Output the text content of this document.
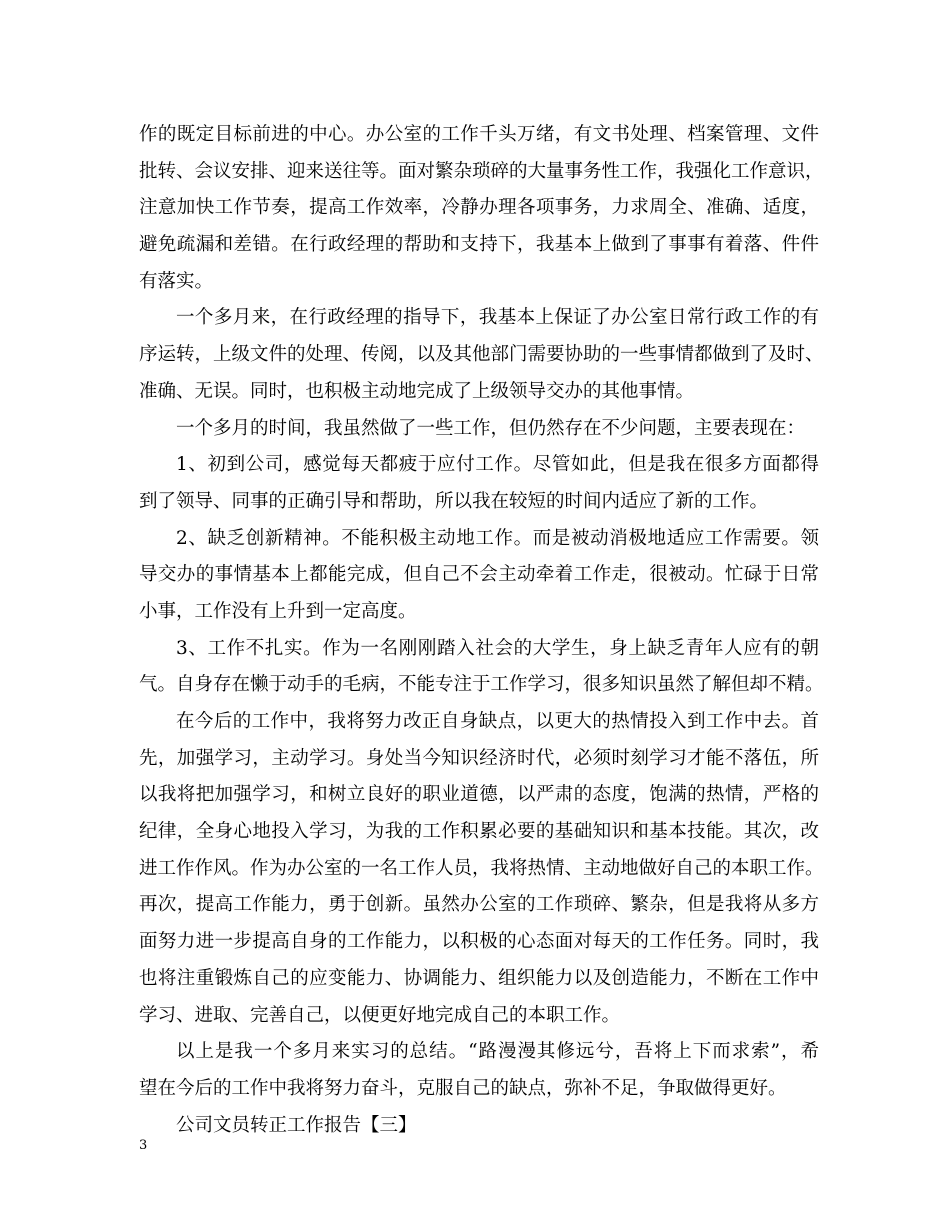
作的既定目标前进的中心。办公室的工作千头万绪，有文书处理、档案管理、文件
批转、会议安排、迎来送往等。面对繁杂琐碎的大量事务性工作，我强化工作意识，
注意加快工作节奏，提高工作效率，冷静办理各项事务，力求周全、准确、适度，
避免疏漏和差错。在行政经理的帮助和支持下，我基本上做到了事事有着落、件件
有落实。
一个多月来，在行政经理的指导下，我基本上保证了办公室日常行政工作的有
序运转，上级文件的处理、传阅，以及其他部门需要协助的一些事情都做到了及时、
准确、无误。同时，也积极主动地完成了上级领导交办的其他事情。
一个多月的时间，我虽然做了一些工作，但仍然存在不少问题，主要表现在：
1、初到公司，感觉每天都疲于应付工作。尽管如此，但是我在很多方面都得
到了领导、同事的正确引导和帮助，所以我在较短的时间内适应了新的工作。
2、缺乏创新精神。不能积极主动地工作。而是被动消极地适应工作需要。领
导交办的事情基本上都能完成，但自己不会主动牵着工作走，很被动。忙碌于日常
小事，工作没有上升到一定高度。
3、工作不扎实。作为一名刚刚踏入社会的大学生，身上缺乏青年人应有的朝
气。自身存在懒于动手的毛病，不能专注于工作学习，很多知识虽然了解但却不精。
在今后的工作中，我将努力改正自身缺点，以更大的热情投入到工作中去。首
先，加强学习，主动学习。身处当今知识经济时代，必须时刻学习才能不落伍，所
以我将把加强学习，和树立良好的职业道德，以严肃的态度，饱满的热情，严格的
纪律，全身心地投入学习，为我的工作积累必要的基础知识和基本技能。其次，改
进工作作风。作为办公室的一名工作人员，我将热情、主动地做好自己的本职工作。
再次，提高工作能力，勇于创新。虽然办公室的工作琐碎、繁杂，但是我将从多方
面努力进一步提高自身的工作能力，以积极的心态面对每天的工作任务。同时，我
也将注重锻炼自己的应变能力、协调能力、组织能力以及创造能力，不断在工作中
学习、进取、完善自己，以便更好地完成自己的本职工作。
以上是我一个多月来实习的总结。“路漫漫其修远兮，吾将上下而求索”，希
望在今后的工作中我将努力奋斗，克服自己的缺点，弥补不足，争取做得更好。
公司文员转正工作报告【三】
3
